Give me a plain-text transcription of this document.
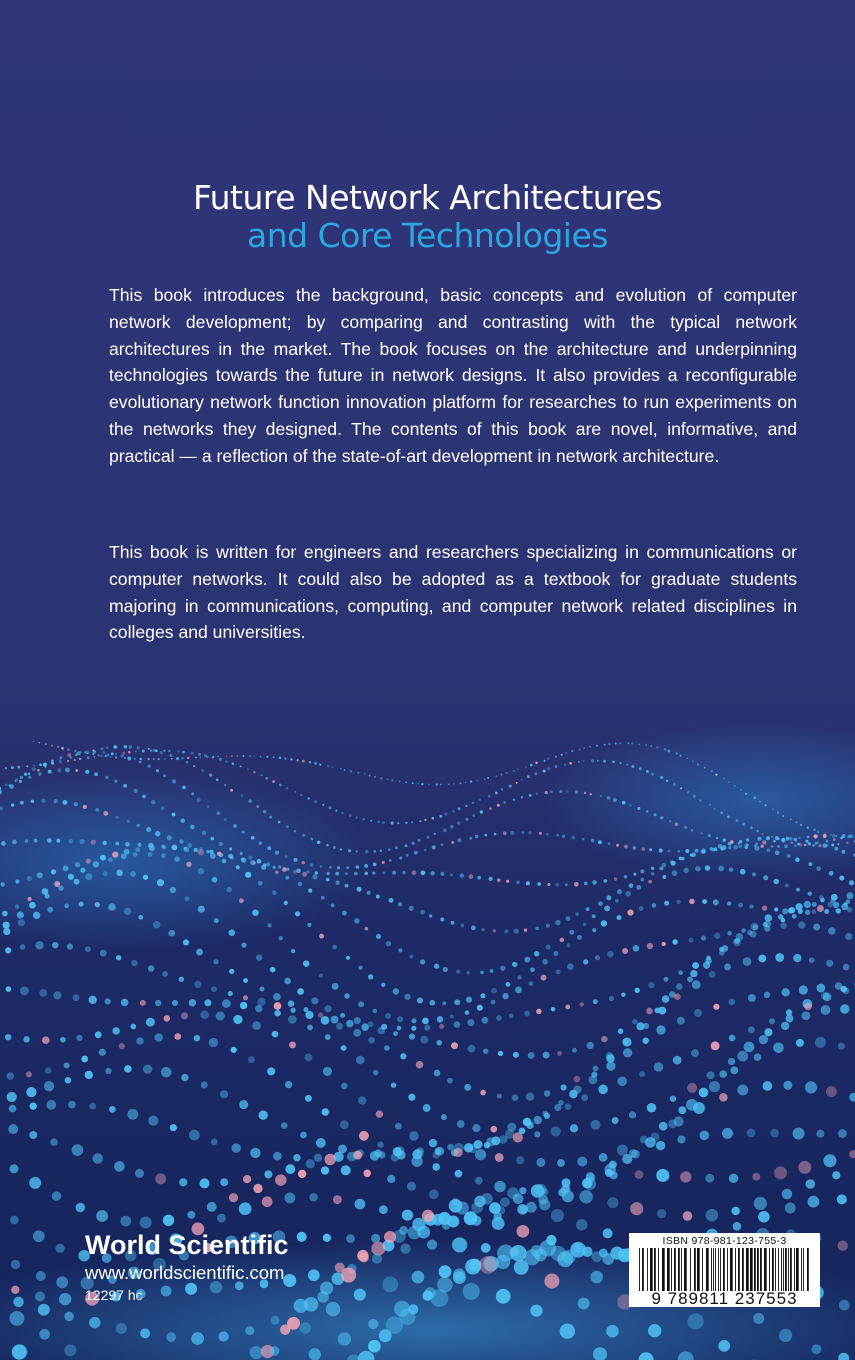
Future Network Architectures
and Core Technologies

This book introduces the background, basic concepts and evolution of computer network development; by comparing and contrasting with the typical network architectures in the market. The book focuses on the architecture and underpinning technologies towards the future in network designs. It also provides a reconfigurable evolutionary network function innovation platform for researches to run experiments on the networks they designed. The contents of this book are novel, informative, and practical — a reflection of the state-of-art development in network architecture.

This book is written for engineers and researchers specializing in communications or computer networks. It could also be adopted as a textbook for graduate students majoring in communications, computing, and computer network related disciplines in colleges and universities.

World Scientific
www.worldscientific.com
12297 hc
ISBN 978-981-123-755-3
9 789811 237553
